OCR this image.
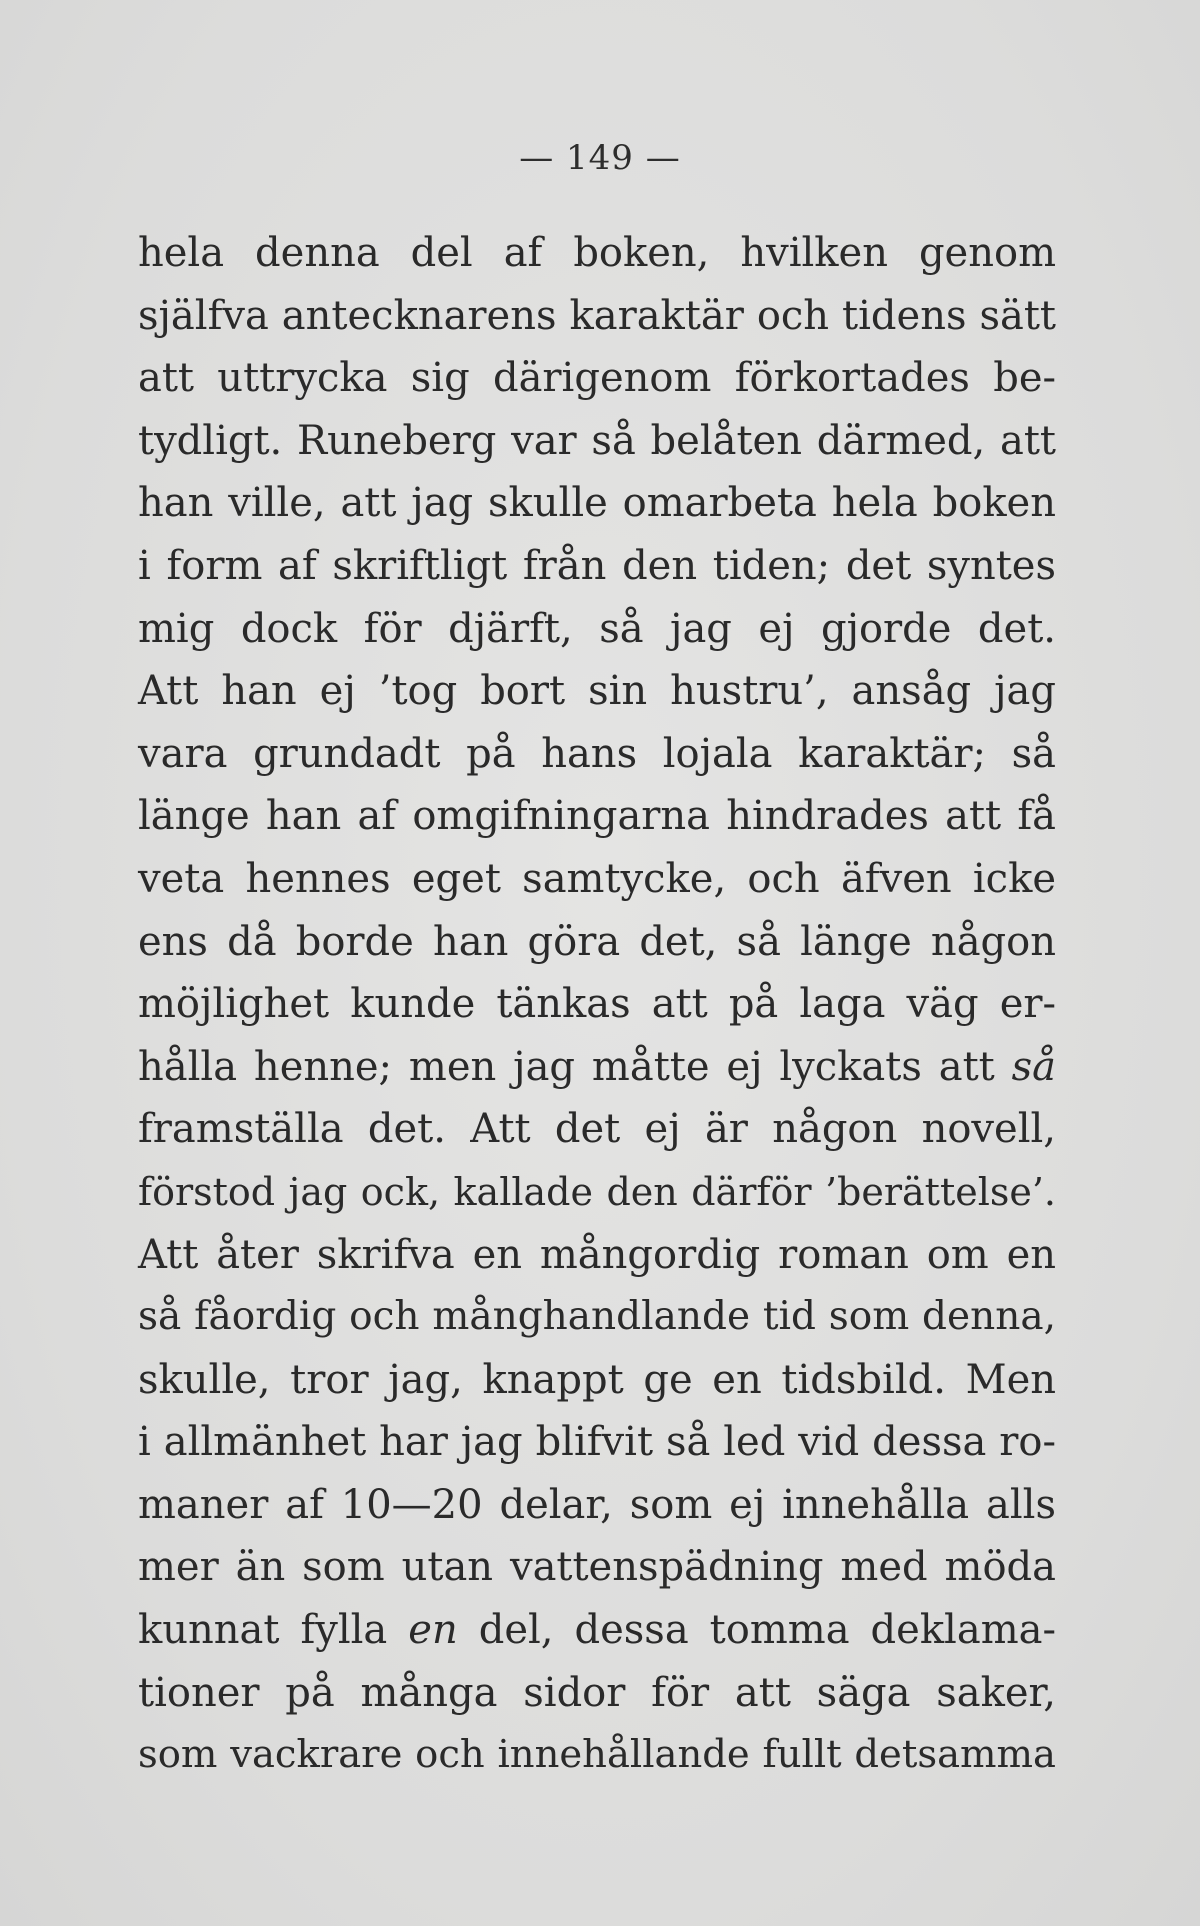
— 149 —
hela denna del af boken, hvilken genom
själfva antecknarens karaktär och tidens sätt
att uttrycka sig därigenom förkortades be-
tydligt. Runeberg var så belåten därmed, att
han ville, att jag skulle omarbeta hela boken
i form af skriftligt från den tiden; det syntes
mig dock för djärft, så jag ej gjorde det.
Att han ej ’tog bort sin hustru’, ansåg jag
vara grundadt på hans lojala karaktär; så
länge han af omgifningarna hindrades att få
veta hennes eget samtycke, och äfven icke
ens då borde han göra det, så länge någon
möjlighet kunde tänkas att på laga väg er-
hålla henne; men jag måtte ej lyckats att så
framställa det. Att det ej är någon novell,
förstod jag ock, kallade den därför ’berättelse’.
Att åter skrifva en mångordig roman om en
så fåordig och månghandlande tid som denna,
skulle, tror jag, knappt ge en tidsbild. Men
i allmänhet har jag blifvit så led vid dessa ro-
maner af 10—20 delar, som ej innehålla alls
mer än som utan vattenspädning med möda
kunnat fylla en del, dessa tomma deklama-
tioner på många sidor för att säga saker,
som vackrare och innehållande fullt detsamma
